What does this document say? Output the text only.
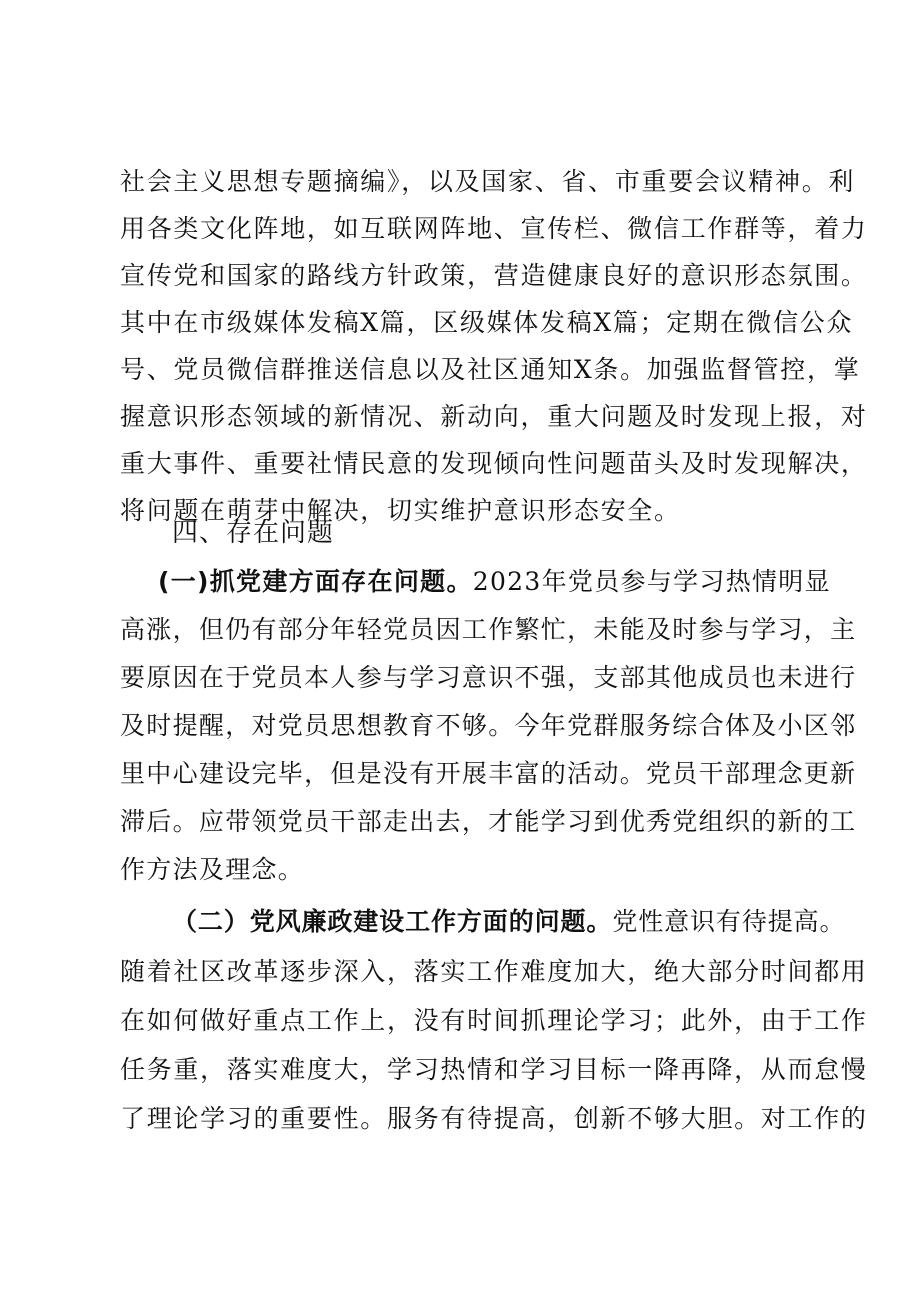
社会主义思想专题摘编》，以及国家、省、市重要会议精神。利
用各类文化阵地，如互联网阵地、宣传栏、微信工作群等，着力
宣传党和国家的路线方针政策，营造健康良好的意识形态氛围。
其中在市级媒体发稿X篇，区级媒体发稿X篇；定期在微信公众
号、党员微信群推送信息以及社区通知X条。加强监督管控，掌
握意识形态领域的新情况、新动向，重大问题及时发现上报，对
重大事件、重要社情民意的发现倾向性问题苗头及时发现解决，
将问题在萌芽中解决，切实维护意识形态安全。
四、存在问题
(一)抓党建方面存在问题。2023年党员参与学习热情明显
高涨，但仍有部分年轻党员因工作繁忙，未能及时参与学习，主
要原因在于党员本人参与学习意识不强，支部其他成员也未进行
及时提醒，对党员思想教育不够。今年党群服务综合体及小区邻
里中心建设完毕，但是没有开展丰富的活动。党员干部理念更新
滞后。应带领党员干部走出去，才能学习到优秀党组织的新的工
作方法及理念。
（二）党风廉政建设工作方面的问题。党性意识有待提高。
随着社区改革逐步深入，落实工作难度加大，绝大部分时间都用
在如何做好重点工作上，没有时间抓理论学习；此外，由于工作
任务重，落实难度大，学习热情和学习目标一降再降，从而怠慢
了理论学习的重要性。服务有待提高，创新不够大胆。对工作的
